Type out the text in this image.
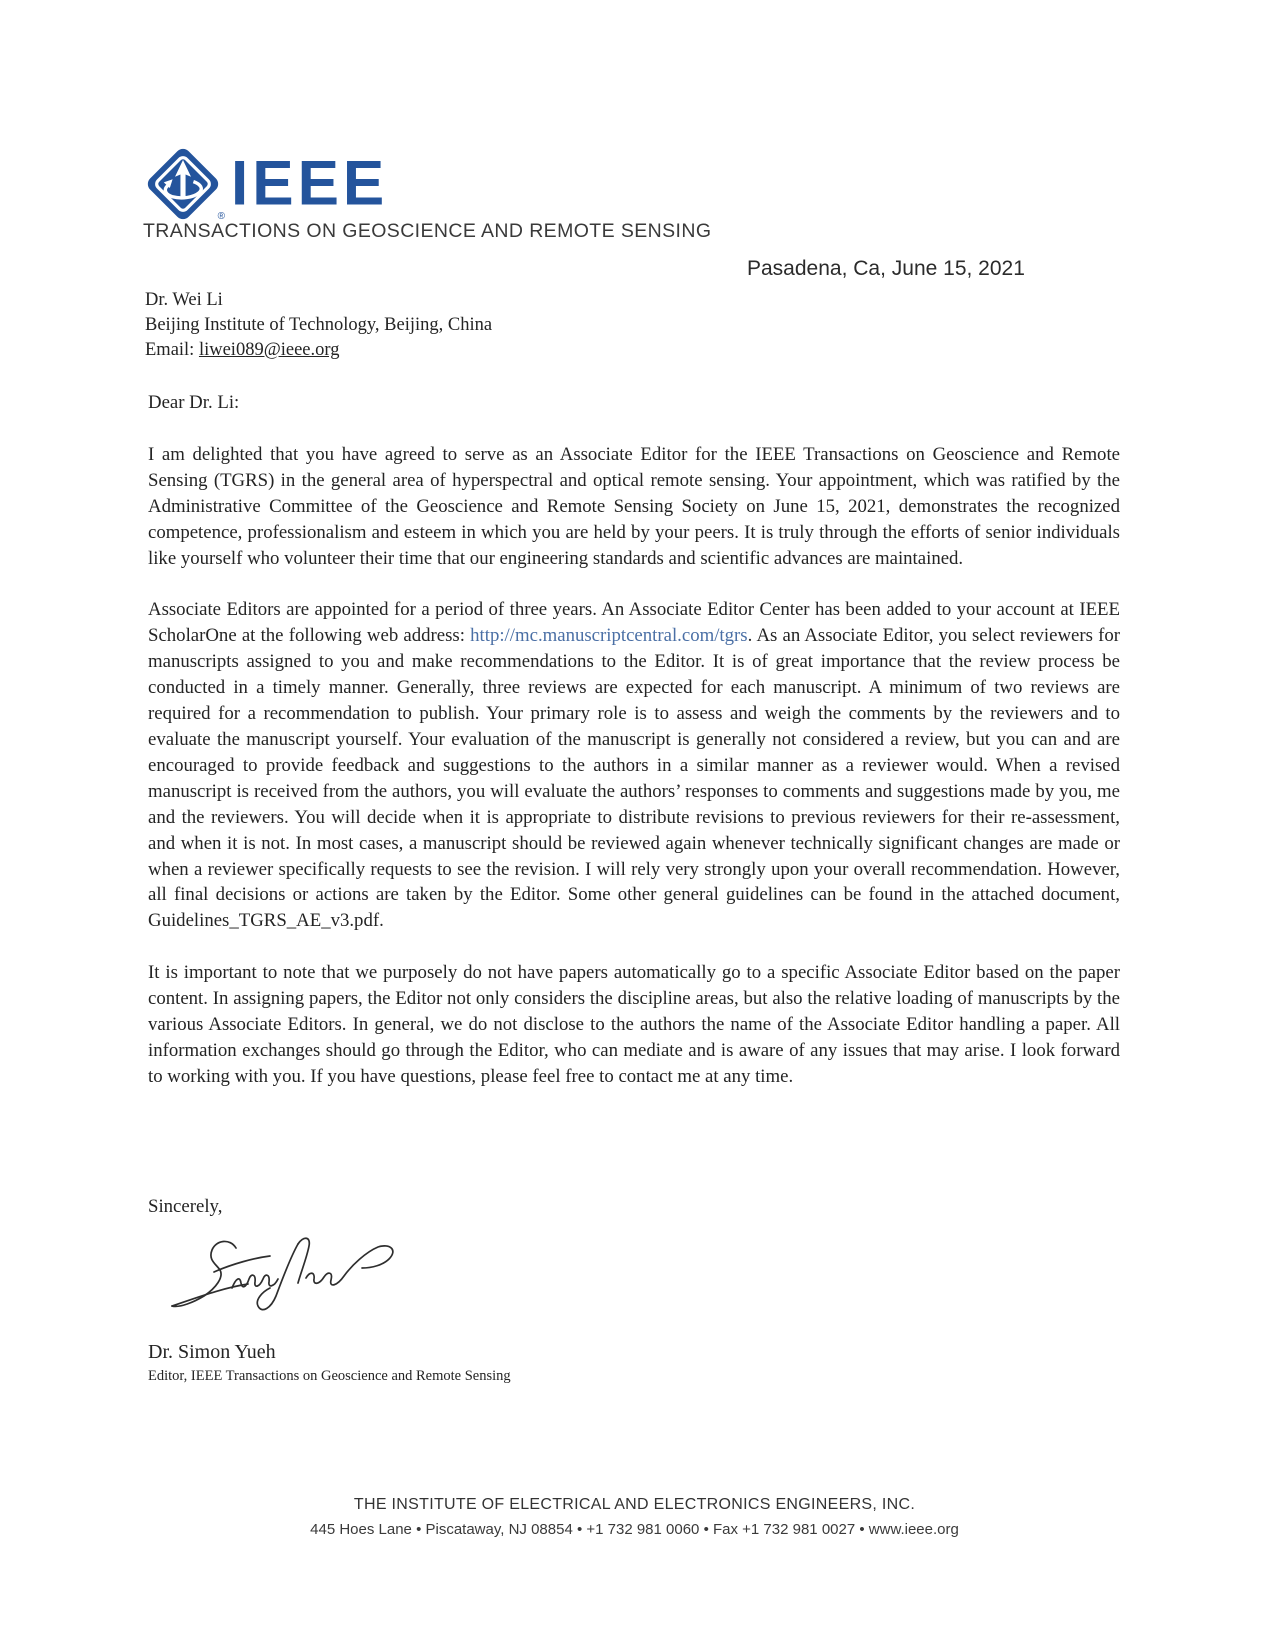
® IEEE
TRANSACTIONS ON GEOSCIENCE AND REMOTE SENSING
Pasadena, Ca, June 15, 2021
Dr. Wei Li
Beijing Institute of Technology, Beijing, China
Email: liwei089@ieee.org
Dear Dr. Li:

I am delighted that you have agreed to serve as an Associate Editor for the IEEE Transactions on Geoscience and Remote Sensing (TGRS) in the general area of hyperspectral and optical remote sensing. Your appointment, which was ratified by the Administrative Committee of the Geoscience and Remote Sensing Society on June 15, 2021, demonstrates the recognized competence, professionalism and esteem in which you are held by your peers. It is truly through the efforts of senior individuals like yourself who volunteer their time that our engineering standards and scientific advances are maintained.

Associate Editors are appointed for a period of three years. An Associate Editor Center has been added to your account at IEEE ScholarOne at the following web address: http://mc.manuscriptcentral.com/tgrs. As an Associate Editor, you select reviewers for manuscripts assigned to you and make recommendations to the Editor. It is of great importance that the review process be conducted in a timely manner. Generally, three reviews are expected for each manuscript. A minimum of two reviews are required for a recommendation to publish. Your primary role is to assess and weigh the comments by the reviewers and to evaluate the manuscript yourself. Your evaluation of the manuscript is generally not considered a review, but you can and are encouraged to provide feedback and suggestions to the authors in a similar manner as a reviewer would. When a revised manuscript is received from the authors, you will evaluate the authors’ responses to comments and suggestions made by you, me and the reviewers. You will decide when it is appropriate to distribute revisions to previous reviewers for their re-assessment, and when it is not. In most cases, a manuscript should be reviewed again whenever technically significant changes are made or when a reviewer specifically requests to see the revision. I will rely very strongly upon your overall recommendation. However, all final decisions or actions are taken by the Editor. Some other general guidelines can be found in the attached document, Guidelines_TGRS_AE_v3.pdf.

It is important to note that we purposely do not have papers automatically go to a specific Associate Editor based on the paper content. In assigning papers, the Editor not only considers the discipline areas, but also the relative loading of manuscripts by the various Associate Editors. In general, we do not disclose to the authors the name of the Associate Editor handling a paper. All information exchanges should go through the Editor, who can mediate and is aware of any issues that may arise. I look forward to working with you. If you have questions, please feel free to contact me at any time.

Sincerely,
Dr. Simon Yueh
Editor, IEEE Transactions on Geoscience and Remote Sensing
THE INSTITUTE OF ELECTRICAL AND ELECTRONICS ENGINEERS, INC.
445 Hoes Lane • Piscataway, NJ 08854 • +1 732 981 0060 • Fax +1 732 981 0027 • www.ieee.org
